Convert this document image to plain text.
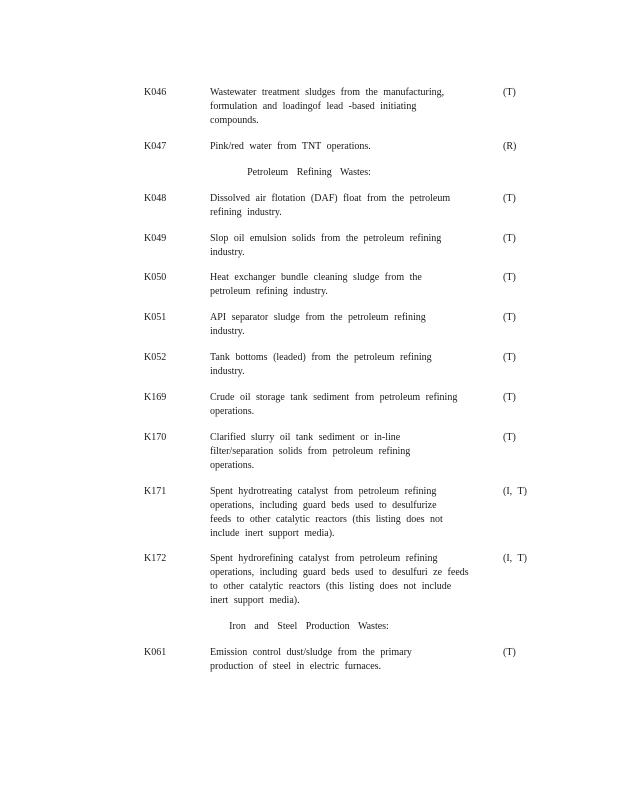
K046	Wastewater treatment sludges from the manufacturing,
formulation and loadingof lead -based initiating
compounds.
(T)
K047	Pink/red water from TNT operations.	(R)
Petroleum Refining Wastes:
K048	Dissolved air flotation (DAF) float from the petroleum
refining industry.
(T)
K049	Slop oil emulsion solids from the petroleum refining
industry.
(T)
K050	Heat exchanger bundle cleaning sludge from the
petroleum refining industry.
(T)
K051	API separator sludge from the petroleum refining
industry.
(T)
K052	Tank bottoms (leaded) from the petroleum refining
industry.
(T)
K169	Crude oil storage tank sediment from petroleum refining
operations.
(T)
K170	Clarified slurry oil tank sediment or in-line
filter/separation solids from petroleum refining
operations.
(T)
K171	Spent hydrotreating catalyst from petroleum refining
operations, including guard beds used to desulfurize
feeds to other catalytic reactors (this listing does not
include inert support media).
(I, T)
K172	Spent hydrorefining catalyst from petroleum refining
operations, including guard beds used to desulfuri ze feeds
to other catalytic reactors (this listing does not include
inert support media).
(I, T)
Iron and Steel Production Wastes:
K061	Emission control dust/sludge from the primary
production of steel in electric furnaces.
(T)
